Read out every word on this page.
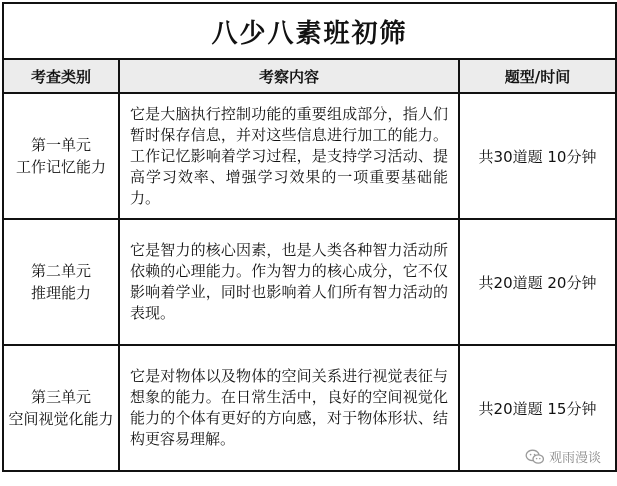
八少八素班初筛		
考查类别	考察内容	题型/时间
第一单元
工作记忆能力	它是大脑执行控制功能的重要组成部分，指人们暂时保存信息，并对这些信息进行加工的能力。工作记忆影响着学习过程，是支持学习活动、提高学习效率、增强学习效果的一项重要基础能力。	共30道题 10分钟
第二单元
推理能力	它是智力的核心因素，也是人类各种智力活动所依赖的心理能力。作为智力的核心成分，它不仅影响着学业，同时也影响着人们所有智力活动的表现。	共20道题 20分钟
第三单元
空间视觉化能力	它是对物体以及物体的空间关系进行视觉表征与想象的能力。在日常生活中，良好的空间视觉化能力的个体有更好的方向感，对于物体形状、结构更容易理解。	共20道题 15分钟
观雨漫谈
